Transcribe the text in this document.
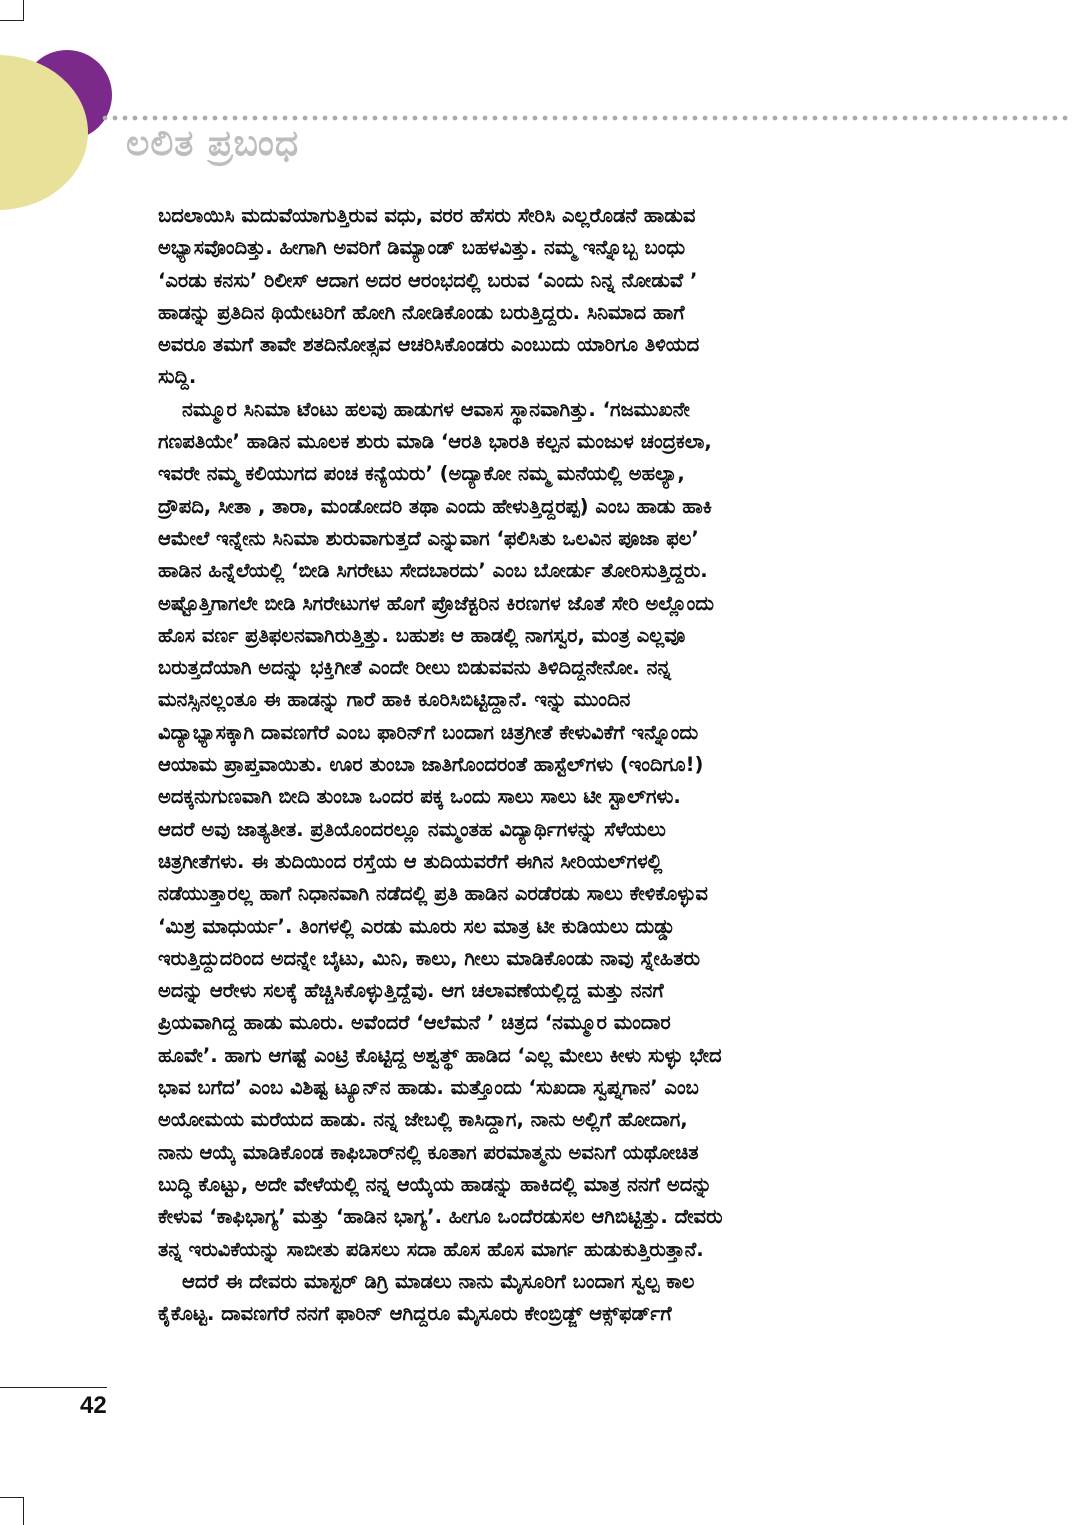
ಲಲಿತ ಪ್ರಬಂಧ
ಬದಲಾಯಿಸಿ ಮದುವೆಯಾಗುತ್ತಿರುವ ವಧು, ವರರ ಹೆಸರು ಸೇರಿಸಿ ಎಲ್ಲರೊಡನೆ ಹಾಡುವ
ಅಭ್ಯಾಸವೊಂದಿತ್ತು. ಹೀಗಾಗಿ ಅವರಿಗೆ ಡಿಮ್ಯಾಂಡ್ ಬಹಳವಿತ್ತು. ನಮ್ಮ ಇನ್ನೊಬ್ಬ ಬಂಧು
‘ಎರಡು ಕನಸು’ ರಿಲೀಸ್ ಆದಾಗ ಅದರ ಆರಂಭದಲ್ಲಿ ಬರುವ ‘ಎಂದು ನಿನ್ನ ನೋಡುವೆ ’
ಹಾಡನ್ನು ಪ್ರತಿದಿನ ಥಿಯೇಟರಿಗೆ ಹೋಗಿ ನೋಡಿಕೊಂಡು ಬರುತ್ತಿದ್ದರು. ಸಿನಿಮಾದ ಹಾಗೆ
ಅವರೂ ತಮಗೆ ತಾವೇ ಶತದಿನೋತ್ಸವ ಆಚರಿಸಿಕೊಂಡರು ಎಂಬುದು ಯಾರಿಗೂ ತಿಳಿಯದ
ಸುದ್ದಿ.
ನಮ್ಮೂರ ಸಿನಿಮಾ ಟೆಂಟು ಹಲವು ಹಾಡುಗಳ ಆವಾಸ ಸ್ಥಾನವಾಗಿತ್ತು. ‘ಗಜಮುಖನೇ
ಗಣಪತಿಯೇ’ ಹಾಡಿನ ಮೂಲಕ ಶುರು ಮಾಡಿ ‘ಆರತಿ ಭಾರತಿ ಕಲ್ಪನ ಮಂಜುಳ ಚಂದ್ರಕಲಾ,
ಇವರೇ ನಮ್ಮ ಕಲಿಯುಗದ ಪಂಚ ಕನ್ಯೆಯರು’ (ಅದ್ಯಾಕೋ ನಮ್ಮ ಮನೆಯಲ್ಲಿ ಅಹಲ್ಯಾ,
ದ್ರೌಪದಿ, ಸೀತಾ , ತಾರಾ, ಮಂಡೋದರಿ ತಥಾ ಎಂದು ಹೇಳುತ್ತಿದ್ದರಪ್ಪ) ಎಂಬ ಹಾಡು ಹಾಕಿ
ಆಮೇಲೆ ಇನ್ನೇನು ಸಿನಿಮಾ ಶುರುವಾಗುತ್ತದೆ ಎನ್ನುವಾಗ ‘ಫಲಿಸಿತು ಒಲವಿನ ಪೂಜಾ ಫಲ’
ಹಾಡಿನ ಹಿನ್ನೆಲೆಯಲ್ಲಿ ‘ಬೀಡಿ ಸಿಗರೇಟು ಸೇದಬಾರದು’ ಎಂಬ ಬೋರ್ಡು ತೋರಿಸುತ್ತಿದ್ದರು.
ಅಷ್ಟೊತ್ತಿಗಾಗಲೇ ಬೀಡಿ ಸಿಗರೇಟುಗಳ ಹೊಗೆ ಪ್ರೊಜೆಕ್ಟರಿನ ಕಿರಣಗಳ ಜೊತೆ ಸೇರಿ ಅಲ್ಲೊಂದು
ಹೊಸ ವರ್ಣ ಪ್ರತಿಫಲನವಾಗಿರುತ್ತಿತ್ತು. ಬಹುಶಃ ಆ ಹಾಡಲ್ಲಿ ನಾಗಸ್ವರ, ಮಂತ್ರ ಎಲ್ಲವೂ
ಬರುತ್ತದೆಯಾಗಿ ಅದನ್ನು ಭಕ್ತಿಗೀತೆ ಎಂದೇ ರೀಲು ಬಿಡುವವನು ತಿಳಿದಿದ್ದನೇನೋ. ನನ್ನ
ಮನಸ್ಸಿನಲ್ಲಂತೂ ಈ ಹಾಡನ್ನು ಗಾರೆ ಹಾಕಿ ಕೂರಿಸಿಬಿಟ್ಟಿದ್ದಾನೆ. ಇನ್ನು ಮುಂದಿನ
ವಿದ್ಯಾಭ್ಯಾಸಕ್ಕಾಗಿ ದಾವಣಗೆರೆ ಎಂಬ ಫಾರಿನ್‌ಗೆ ಬಂದಾಗ ಚಿತ್ರಗೀತೆ ಕೇಳುವಿಕೆಗೆ ಇನ್ನೊಂದು
ಆಯಾಮ ಪ್ರಾಪ್ತವಾಯಿತು. ಊರ ತುಂಬಾ ಜಾತಿಗೊಂದರಂತೆ ಹಾಸ್ಟೆಲ್‌ಗಳು (ಇಂದಿಗೂ!)
ಅದಕ್ಕನುಗುಣವಾಗಿ ಬೀದಿ ತುಂಬಾ ಒಂದರ ಪಕ್ಕ ಒಂದು ಸಾಲು ಸಾಲು ಟೀ ಸ್ಟಾಲ್‌ಗಳು.
ಆದರೆ ಅವು ಜಾತ್ಯತೀತ. ಪ್ರತಿಯೊಂದರಲ್ಲೂ ನಮ್ಮಂತಹ ವಿದ್ಯಾರ್ಥಿಗಳನ್ನು ಸೆಳೆಯಲು
ಚಿತ್ರಗೀತೆಗಳು. ಈ ತುದಿಯಿಂದ ರಸ್ತೆಯ ಆ ತುದಿಯವರೆಗೆ ಈಗಿನ ಸೀರಿಯಲ್‌ಗಳಲ್ಲಿ
ನಡೆಯುತ್ತಾರಲ್ಲ ಹಾಗೆ ನಿಧಾನವಾಗಿ ನಡೆದಲ್ಲಿ ಪ್ರತಿ ಹಾಡಿನ ಎರಡೆರಡು ಸಾಲು ಕೇಳಿಕೊಳ್ಳುವ
‘ಮಿಶ್ರ ಮಾಧುರ್ಯ’. ತಿಂಗಳಲ್ಲಿ ಎರಡು ಮೂರು ಸಲ ಮಾತ್ರ ಟೀ ಕುಡಿಯಲು ದುಡ್ಡು
ಇರುತ್ತಿದ್ದುದರಿಂದ ಅದನ್ನೇ ಬೈಟು, ಮಿನಿ, ಕಾಲು, ಗೀಲು ಮಾಡಿಕೊಂಡು ನಾವು ಸ್ನೇಹಿತರು
ಅದನ್ನು ಆರೇಳು ಸಲಕ್ಕೆ ಹೆಚ್ಚಿಸಿಕೊಳ್ಳುತ್ತಿದ್ದೆವು. ಆಗ ಚಲಾವಣೆಯಲ್ಲಿದ್ದ ಮತ್ತು ನನಗೆ
ಪ್ರಿಯವಾಗಿದ್ದ ಹಾಡು ಮೂರು. ಅವೆಂದರೆ ‘ಆಲೆಮನೆ ’ ಚಿತ್ರದ ‘ನಮ್ಮೂರ ಮಂದಾರ
ಹೂವೇ’. ಹಾಗು ಆಗಷ್ಟೆ ಎಂಟ್ರಿ ಕೊಟ್ಟಿದ್ದ ಅಶ್ವತ್ಥ್ ಹಾಡಿದ ‘ಎಲ್ಲ ಮೇಲು ಕೀಳು ಸುಳ್ಳು ಭೇದ
ಭಾವ ಬಗೆದ’ ಎಂಬ ವಿಶಿಷ್ಟ ಟ್ಯೂನ್‌ನ ಹಾಡು. ಮತ್ತೊಂದು ‘ಸುಖದಾ ಸ್ವಪ್ನಗಾನ’ ಎಂಬ
ಅಯೋಮಯ ಮರೆಯದ ಹಾಡು. ನನ್ನ ಜೇಬಲ್ಲಿ ಕಾಸಿದ್ದಾಗ, ನಾನು ಅಲ್ಲಿಗೆ ಹೋದಾಗ,
ನಾನು ಆಯ್ಕೆ ಮಾಡಿಕೊಂಡ ಕಾಫಿಬಾರ್‌ನಲ್ಲಿ ಕೂತಾಗ ಪರಮಾತ್ಮನು ಅವನಿಗೆ ಯಥೋಚಿತ
ಬುದ್ಧಿ ಕೊಟ್ಟು, ಅದೇ ವೇಳೆಯಲ್ಲಿ ನನ್ನ ಆಯ್ಕೆಯ ಹಾಡನ್ನು ಹಾಕಿದಲ್ಲಿ ಮಾತ್ರ ನನಗೆ ಅದನ್ನು
ಕೇಳುವ ‘ಕಾಫಿಭಾಗ್ಯ’ ಮತ್ತು ‘ಹಾಡಿನ ಭಾಗ್ಯ’. ಹೀಗೂ ಒಂದೆರಡುಸಲ ಆಗಿಬಿಟ್ಟಿತ್ತು. ದೇವರು
ತನ್ನ ಇರುವಿಕೆಯನ್ನು ಸಾಬೀತು ಪಡಿಸಲು ಸದಾ ಹೊಸ ಹೊಸ ಮಾರ್ಗ ಹುಡುಕುತ್ತಿರುತ್ತಾನೆ.
ಆದರೆ ಈ ದೇವರು ಮಾಸ್ಟರ್ ಡಿಗ್ರಿ ಮಾಡಲು ನಾನು ಮೈಸೂರಿಗೆ ಬಂದಾಗ ಸ್ವಲ್ಪ ಕಾಲ
ಕೈಕೊಟ್ಟ. ದಾವಣಗೆರೆ ನನಗೆ ಫಾರಿನ್ ಆಗಿದ್ದರೂ ಮೈಸೂರು ಕೇಂಬ್ರಿಡ್ಜ್ ಆಕ್ಸ್‌ಫರ್ಡ್‌ಗೆ
42
